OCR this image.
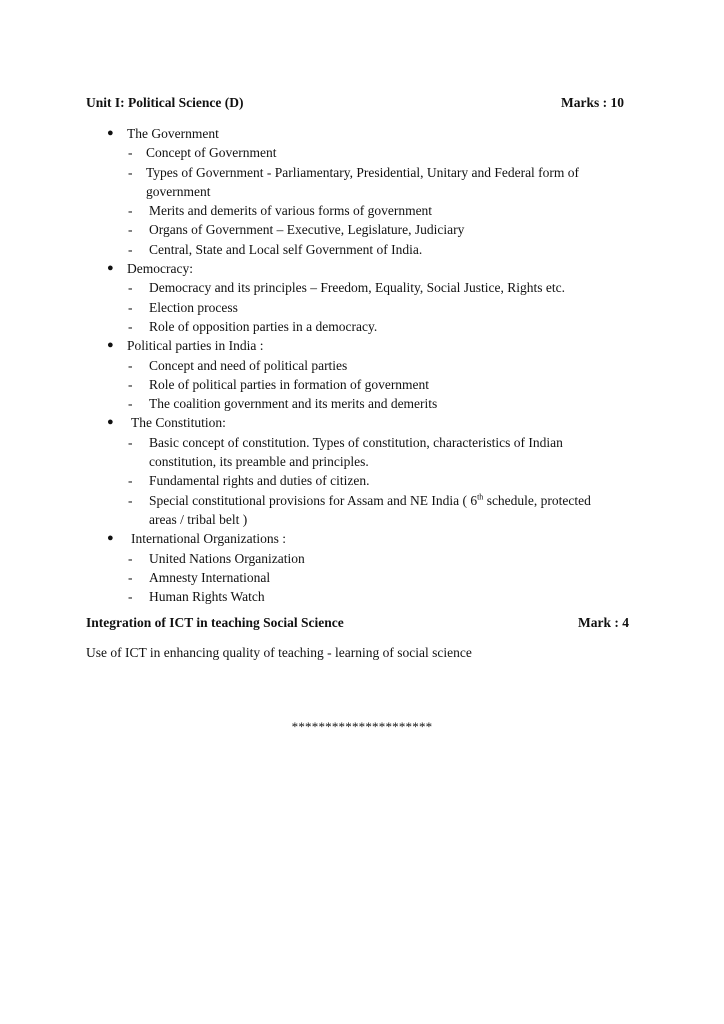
Unit I: Political Science (D)	Marks : 10
● The Government
- Concept of Government
- Types of Government - Parliamentary, Presidential, Unitary and Federal form of government
- Merits and demerits of various forms of government
- Organs of Government – Executive, Legislature, Judiciary
- Central, State and Local self Government of India.
● Democracy:
- Democracy and its principles – Freedom, Equality, Social Justice, Rights etc.
- Election process
- Role of opposition parties in a democracy.
● Political parties in India :
- Concept and need of political parties
- Role of political parties in formation of government
- The coalition government and its merits and demerits
●	The Constitution:
- Basic concept of constitution. Types of constitution, characteristics of Indian constitution, its preamble and principles.
- Fundamental rights and duties of citizen.
- Special constitutional provisions for Assam and NE India ( 6th schedule, protected
areas / tribal belt )
●	International Organizations :
- United Nations Organization
- Amnesty International
- Human Rights Watch
Integration of ICT in teaching Social Science	Mark : 4
Use of ICT in enhancing quality of teaching - learning of social science
*********************
